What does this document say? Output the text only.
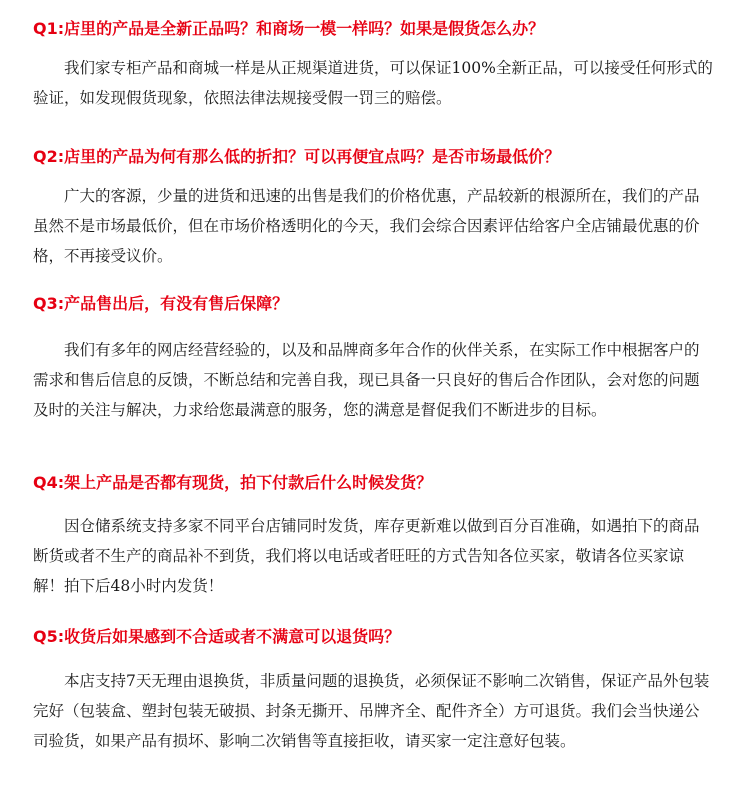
Q1:店里的产品是全新正品吗？和商场一模一样吗？如果是假货怎么办？

我们家专柜产品和商城一样是从正规渠道进货，可以保证100%全新正品，可以接受任何形式的验证，如发现假货现象，依照法律法规接受假一罚三的赔偿。

Q2:店里的产品为何有那么低的折扣？可以再便宜点吗？是否市场最低价？

广大的客源，少量的进货和迅速的出售是我们的价格优惠，产品较新的根源所在，我们的产品虽然不是市场最低价，但在市场价格透明化的今天，我们会综合因素评估给客户全店铺最优惠的价格，不再接受议价。

Q3:产品售出后，有没有售后保障？

我们有多年的网店经营经验的，以及和品牌商多年合作的伙伴关系，在实际工作中根据客户的需求和售后信息的反馈，不断总结和完善自我，现已具备一只良好的售后合作团队，会对您的问题及时的关注与解决，力求给您最满意的服务，您的满意是督促我们不断进步的目标。

Q4:架上产品是否都有现货，拍下付款后什么时候发货？

因仓储系统支持多家不同平台店铺同时发货，库存更新难以做到百分百准确，如遇拍下的商品断货或者不生产的商品补不到货，我们将以电话或者旺旺的方式告知各位买家，敬请各位买家谅解！拍下后48小时内发货！

Q5:收货后如果感到不合适或者不满意可以退货吗？

本店支持7天无理由退换货，非质量问题的退换货，必须保证不影响二次销售，保证产品外包装完好（包装盒、塑封包装无破损、封条无撕开、吊牌齐全、配件齐全）方可退货。我们会当快递公司验货，如果产品有损坏、影响二次销售等直接拒收，请买家一定注意好包装。
